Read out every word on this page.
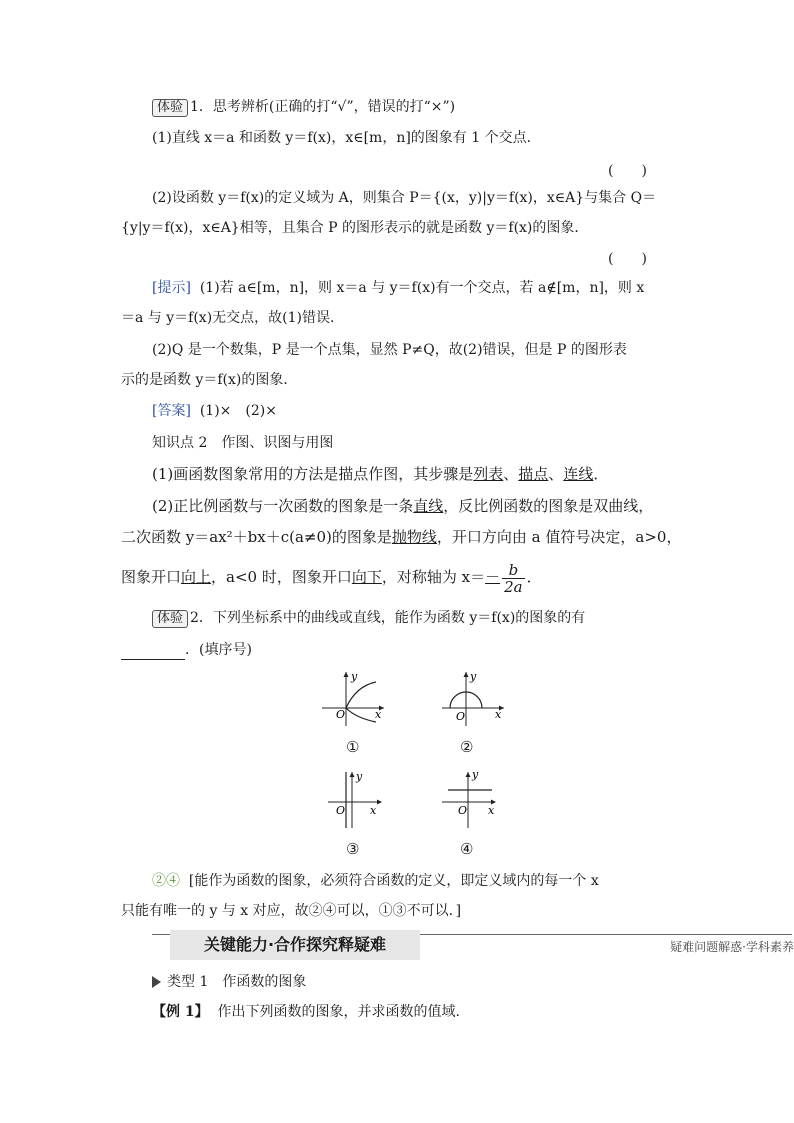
体验 1．思考辨析(正确的打“√”，错误的打“×”)
(1)直线 x＝a 和函数 y＝f(x)，x∈[m，n]的图象有 1 个交点．
(　　)
(2)设函数 y＝f(x)的定义域为 A，则集合 P＝{(x，y)|y＝f(x)，x∈A}与集合 Q＝
{y|y＝f(x)，x∈A}相等，且集合 P 的图形表示的就是函数 y＝f(x)的图象．
(　　)
[提示] (1)若 a∈[m，n]，则 x＝a 与 y＝f(x)有一个交点，若 a∉[m，n]，则 x
＝a 与 y＝f(x)无交点，故(1)错误．
(2)Q 是一个数集，P 是一个点集，显然 P≠Q，故(2)错误，但是 P 的图形表
示的是函数 y＝f(x)的图象．
[答案] (1)×　(2)×
知识点 2　作图、识图与用图
(1)画函数图象常用的方法是描点作图，其步骤是列表、描点、连线．
(2)正比例函数与一次函数的图象是一条直线，反比例函数的图象是双曲线，
二次函数 y＝ax²＋bx＋c(a≠0)的图象是抛物线，开口方向由 a 值符号决定，a>0，
图象开口向上，a<0 时，图象开口向下，对称轴为 $x=- \frac{b}{2a}$ ．
体验 2．下列坐标系中的曲线或直线，能作为函数 y＝f(x)的图象的有
．(填序号)
y
O	x
①
y
O	x
②
y
O x
③
y
O x
④
②④ [能作为函数的图象，必须符合函数的定义，即定义域内的每一个 x
只能有唯一的 y 与 x 对应，故②④可以，①③不可以．]
关键能力·合作探究释疑难	疑难问题解惑·学科素养
类型 1　作函数的图象
【例 1】 作出下列函数的图象，并求函数的值域.
